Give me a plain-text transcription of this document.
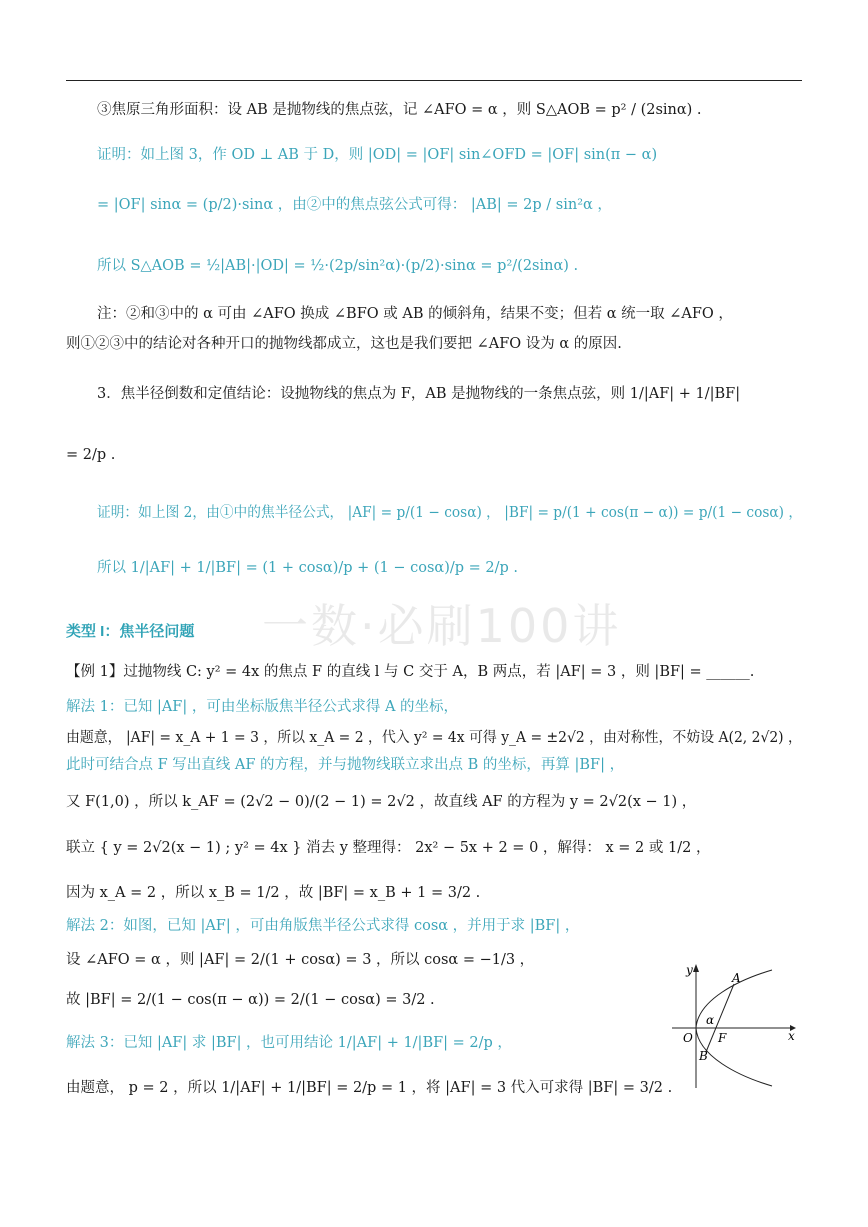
一数·必刷100讲
③焦原三角形面积：设 AB 是抛物线的焦点弦，记 ∠AFO = α ，则 S△AOB = p² / (2sinα) .
证明：如上图 3，作 OD ⊥ AB 于 D，则 |OD| = |OF| sin∠OFD = |OF| sin(π − α)
= |OF| sinα = (p/2)·sinα ，由②中的焦点弦公式可得： |AB| = 2p / sin²α ，
所以 S△AOB = ½|AB|·|OD| = ½·(2p/sin²α)·(p/2)·sinα = p²/(2sinα) .
注：②和③中的 α 可由 ∠AFO 换成 ∠BFO 或 AB 的倾斜角，结果不变；但若 α 统一取 ∠AFO ，
则①②③中的结论对各种开口的抛物线都成立，这也是我们要把 ∠AFO 设为 α 的原因.
3．焦半径倒数和定值结论：设抛物线的焦点为 F，AB 是抛物线的一条焦点弦，则 1/|AF| + 1/|BF|
= 2/p .
证明：如上图 2，由①中的焦半径公式， |AF| = p/(1 − cosα) ， |BF| = p/(1 + cos(π − α)) = p/(1 − cosα) ，
所以 1/|AF| + 1/|BF| = (1 + cosα)/p + (1 − cosα)/p = 2/p .
类型 I：焦半径问题
【例 1】过抛物线 C: y² = 4x 的焦点 F 的直线 l 与 C 交于 A，B 两点，若 |AF| = 3 ，则 |BF| = ______.
解法 1：已知 |AF| ，可由坐标版焦半径公式求得 A 的坐标，
由题意， |AF| = x_A + 1 = 3 ，所以 x_A = 2 ，代入 y² = 4x 可得 y_A = ±2√2 ，由对称性，不妨设 A(2, 2√2) ，
此时可结合点 F 写出直线 AF 的方程，并与抛物线联立求出点 B 的坐标，再算 |BF| ，
又 F(1,0) ，所以 k_AF = (2√2 − 0)/(2 − 1) = 2√2 ，故直线 AF 的方程为 y = 2√2(x − 1) ，
联立 { y = 2√2(x − 1) ; y² = 4x } 消去 y 整理得： 2x² − 5x + 2 = 0 ，解得： x = 2 或 1/2 ，
因为 x_A = 2 ，所以 x_B = 1/2 ，故 |BF| = x_B + 1 = 3/2 .
解法 2：如图，已知 |AF| ，可由角版焦半径公式求得 cosα ，并用于求 |BF| ，
设 ∠AFO = α ，则 |AF| = 2/(1 + cosα) = 3 ，所以 cosα = −1/3 ，
故 |BF| = 2/(1 − cos(π − α)) = 2/(1 − cosα) = 3/2 .
解法 3：已知 |AF| 求 |BF| ，也可用结论 1/|AF| + 1/|BF| = 2/p ，
由题意， p = 2 ，所以 1/|AF| + 1/|BF| = 2/p = 1 ，将 |AF| = 3 代入可求得 |BF| = 3/2 .
y
x
A
O F
B
α
